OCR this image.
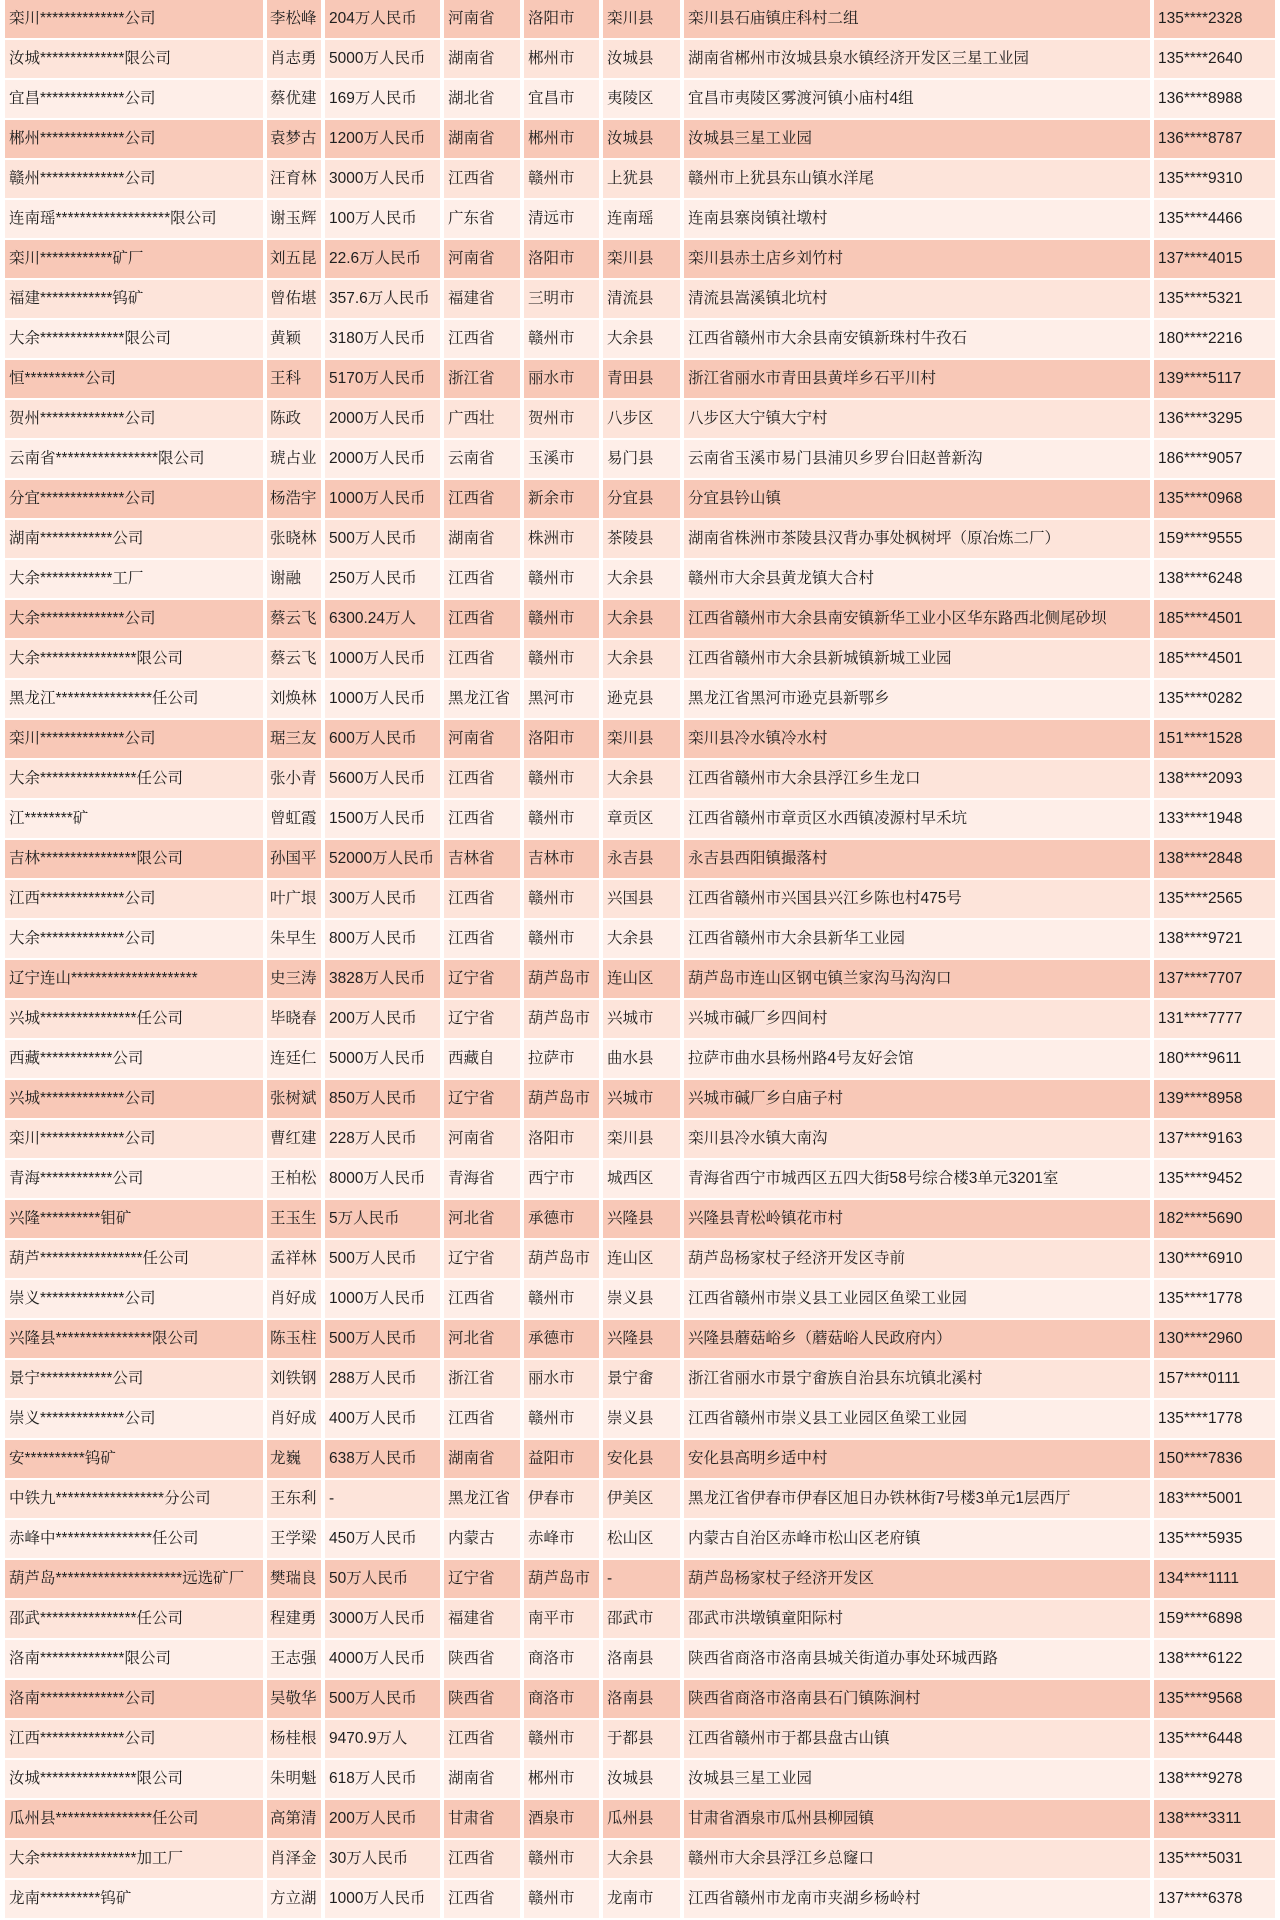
栾川**************公司	李松峰 204万人民币	河南省	洛阳市	栾川县	栾川县石庙镇庄科村二组	135****2328
汝城**************限公司	肖志勇 5000万人民币	湖南省	郴州市	汝城县	湖南省郴州市汝城县泉水镇经济开发区三星工业园	135****2640
宜昌**************公司	蔡优建 169万人民币	湖北省	宜昌市	夷陵区	宜昌市夷陵区雾渡河镇小庙村4组	136****8988
郴州**************公司	袁梦古 1200万人民币	湖南省	郴州市	汝城县	汝城县三星工业园	136****8787
赣州**************公司	汪育林 3000万人民币	江西省	赣州市	上犹县	赣州市上犹县东山镇水洋尾	135****9310
连南瑶*******************限公司	谢玉辉 100万人民币	广东省	清远市	连南瑶	连南县寨岗镇社墩村	135****4466
栾川************矿厂	刘五昆 22.6万人民币	河南省	洛阳市	栾川县	栾川县赤土店乡刘竹村	137****4015
福建************钨矿	曾佑堪 357.6万人民币	福建省	三明市	清流县	清流县嵩溪镇北坑村	135****5321
大余**************限公司	黄颖	3180万人民币	江西省	赣州市	大余县	江西省赣州市大余县南安镇新珠村牛孜石	180****2216
恒**********公司	王科	5170万人民币	浙江省	丽水市	青田县	浙江省丽水市青田县黄垟乡石平川村	139****5117
贺州**************公司	陈政	2000万人民币	广西壮	贺州市	八步区	八步区大宁镇大宁村	136****3295
云南省*****************限公司	琥占业 2000万人民币	云南省	玉溪市	易门县	云南省玉溪市易门县浦贝乡罗台旧赵普新沟	186****9057
分宜**************公司	杨浩宇 1000万人民币	江西省	新余市	分宜县	分宜县钤山镇	135****0968
湖南************公司	张晓林 500万人民币	湖南省	株洲市	茶陵县	湖南省株洲市茶陵县汉背办事处枫树坪（原冶炼二厂）	159****9555
大余************工厂	谢融	250万人民币	江西省	赣州市	大余县	赣州市大余县黄龙镇大合村	138****6248
大余**************公司	蔡云飞 6300.24万人	江西省	赣州市	大余县	江西省赣州市大余县南安镇新华工业小区华东路西北侧尾砂坝	185****4501
大余****************限公司	蔡云飞 1000万人民币	江西省	赣州市	大余县	江西省赣州市大余县新城镇新城工业园	185****4501
黑龙江****************任公司	刘焕林 1000万人民币	黑龙江省	黑河市	逊克县	黑龙江省黑河市逊克县新鄂乡	135****0282
栾川**************公司	琚三友 600万人民币	河南省	洛阳市	栾川县	栾川县冷水镇冷水村	151****1528
大余****************任公司	张小青 5600万人民币	江西省	赣州市	大余县	江西省赣州市大余县浮江乡生龙口	138****2093
江********矿	曾虹霞 1500万人民币	江西省	赣州市	章贡区	江西省赣州市章贡区水西镇凌源村早禾坑	133****1948
吉林****************限公司	孙国平 52000万人民币 吉林省	吉林市	永吉县	永吉县西阳镇撮落村	138****2848
江西**************公司	叶广垠 300万人民币	江西省	赣州市	兴国县	江西省赣州市兴国县兴江乡陈也村475号	135****2565
大余**************公司	朱早生 800万人民币	江西省	赣州市	大余县	江西省赣州市大余县新华工业园	138****9721
辽宁连山*********************	史三涛 3828万人民币	辽宁省	葫芦岛市	连山区	葫芦岛市连山区钢屯镇兰家沟马沟沟口	137****7707
兴城****************任公司	毕晓春 200万人民币	辽宁省	葫芦岛市	兴城市	兴城市碱厂乡四间村	131****7777
西藏************公司	连廷仁 5000万人民币	西藏自	拉萨市	曲水县	拉萨市曲水县杨州路4号友好会馆	180****9611
兴城**************公司	张树斌 850万人民币	辽宁省	葫芦岛市	兴城市	兴城市碱厂乡白庙子村	139****8958
栾川**************公司	曹红建 228万人民币	河南省	洛阳市	栾川县	栾川县冷水镇大南沟	137****9163
青海************公司	王柏松 8000万人民币	青海省	西宁市	城西区	青海省西宁市城西区五四大街58号综合楼3单元3201室	135****9452
兴隆**********钼矿	王玉生 5万人民币	河北省	承德市	兴隆县	兴隆县青松岭镇花市村	182****5690
葫芦*****************任公司	孟祥林 500万人民币	辽宁省	葫芦岛市	连山区	葫芦岛杨家杖子经济开发区寺前	130****6910
崇义**************公司	肖好成 1000万人民币	江西省	赣州市	崇义县	江西省赣州市崇义县工业园区鱼梁工业园	135****1778
兴隆县****************限公司	陈玉柱 500万人民币	河北省	承德市	兴隆县	兴隆县蘑菇峪乡（蘑菇峪人民政府内）	130****2960
景宁************公司	刘铁钢 288万人民币	浙江省	丽水市	景宁畲	浙江省丽水市景宁畲族自治县东坑镇北溪村	157****0111
崇义**************公司	肖好成 400万人民币	江西省	赣州市	崇义县	江西省赣州市崇义县工业园区鱼梁工业园	135****1778
安**********钨矿	龙巍	638万人民币	湖南省	益阳市	安化县	安化县高明乡适中村	150****7836
中铁九******************分公司	王东利 -	黑龙江省	伊春市	伊美区	黑龙江省伊春市伊春区旭日办铁林街7号楼3单元1层西厅	183****5001
赤峰中****************任公司	王学梁 450万人民币	内蒙古	赤峰市	松山区	内蒙古自治区赤峰市松山区老府镇	135****5935
葫芦岛*********************远选矿厂	樊瑞良 50万人民币	辽宁省	葫芦岛市	-	葫芦岛杨家杖子经济开发区	134****1111
邵武****************任公司	程建勇 3000万人民币	福建省	南平市	邵武市	邵武市洪墩镇童阳际村	159****6898
洛南**************限公司	王志强 4000万人民币	陕西省	商洛市	洛南县	陕西省商洛市洛南县城关街道办事处环城西路	138****6122
洛南**************公司	吴敬华 500万人民币	陕西省	商洛市	洛南县	陕西省商洛市洛南县石门镇陈涧村	135****9568
江西**************公司	杨桂根 9470.9万人	江西省	赣州市	于都县	江西省赣州市于都县盘古山镇	135****6448
汝城****************限公司	朱明魁 618万人民币	湖南省	郴州市	汝城县	汝城县三星工业园	138****9278
瓜州县****************任公司	高第清 200万人民币	甘肃省	酒泉市	瓜州县	甘肃省酒泉市瓜州县柳园镇	138****3311
大余****************加工厂	肖泽金 30万人民币	江西省	赣州市	大余县	赣州市大余县浮江乡总窿口	135****5031
龙南**********钨矿	方立湖 1000万人民币	江西省	赣州市	龙南市	江西省赣州市龙南市夹湖乡杨岭村	137****6378
